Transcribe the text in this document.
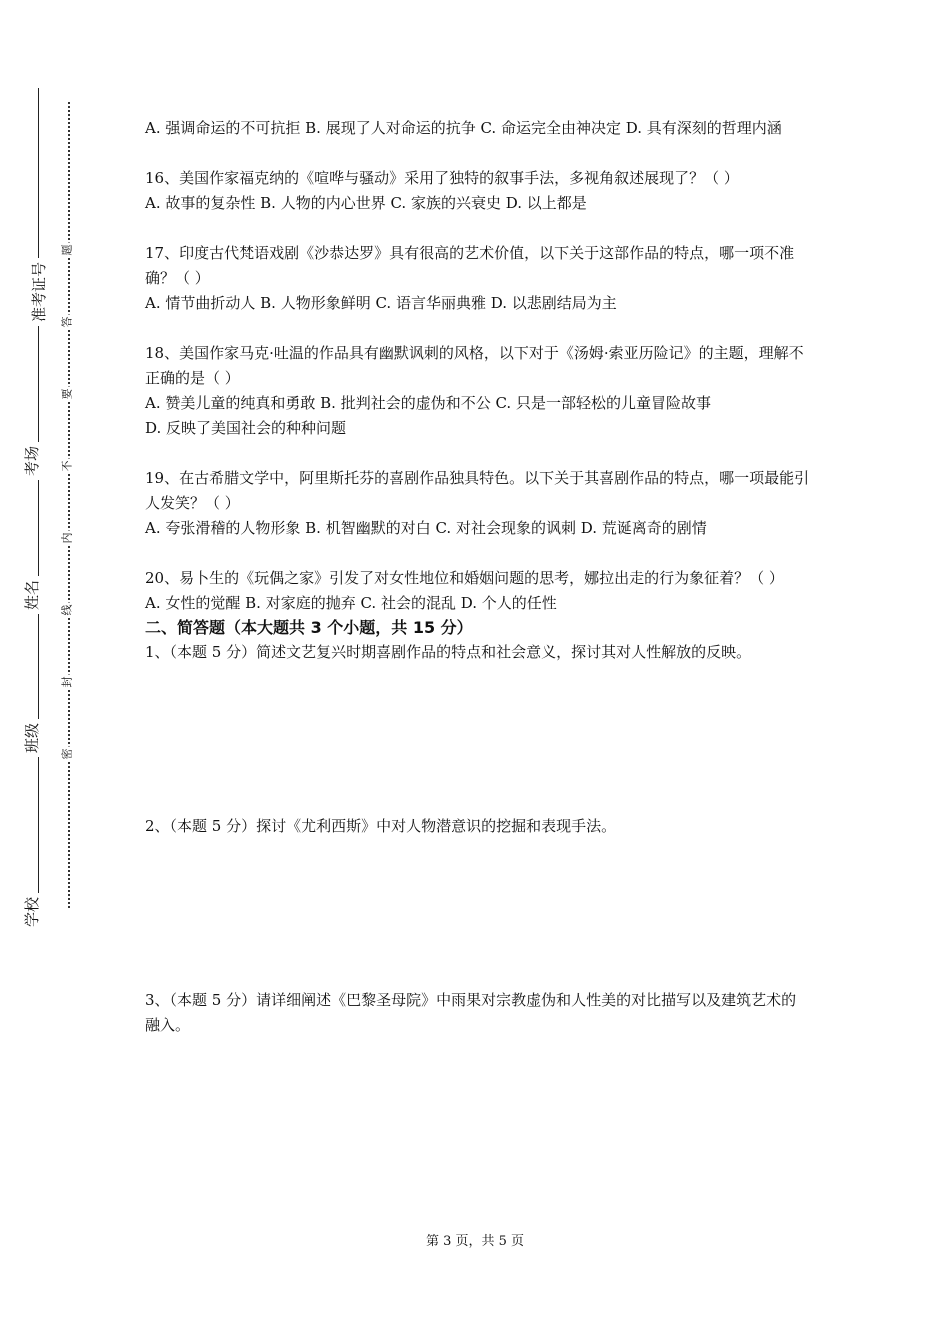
准考证号
考场
姓名
班级
学校
题
答
要
不
内
线
封
密

A. 强调命运的不可抗拒 B. 展现了人对命运的抗争 C. 命运完全由神决定 D. 具有深刻的哲理内涵

16、美国作家福克纳的《喧哗与骚动》采用了独特的叙事手法，多视角叙述展现了？（ ）

A. 故事的复杂性 B. 人物的内心世界 C. 家族的兴衰史 D. 以上都是

17、印度古代梵语戏剧《沙恭达罗》具有很高的艺术价值，以下关于这部作品的特点，哪一项不准确？（ ）

A. 情节曲折动人 B. 人物形象鲜明 C. 语言华丽典雅 D. 以悲剧结局为主

18、美国作家马克·吐温的作品具有幽默讽刺的风格，以下对于《汤姆·索亚历险记》的主题，理解不正确的是（ ）

A. 赞美儿童的纯真和勇敢 B. 批判社会的虚伪和不公 C. 只是一部轻松的儿童冒险故事

D. 反映了美国社会的种种问题

19、在古希腊文学中，阿里斯托芬的喜剧作品独具特色。以下关于其喜剧作品的特点，哪一项最能引人发笑？（ ）

A. 夸张滑稽的人物形象 B. 机智幽默的对白 C. 对社会现象的讽刺 D. 荒诞离奇的剧情

20、易卜生的《玩偶之家》引发了对女性地位和婚姻问题的思考，娜拉出走的行为象征着？（ ）

A. 女性的觉醒 B. 对家庭的抛弃 C. 社会的混乱 D. 个人的任性

二、简答题（本大题共 3 个小题，共 15 分）

1、（本题 5 分）简述文艺复兴时期喜剧作品的特点和社会意义，探讨其对人性解放的反映。

2、（本题 5 分）探讨《尤利西斯》中对人物潜意识的挖掘和表现手法。

3、（本题 5 分）请详细阐述《巴黎圣母院》中雨果对宗教虚伪和人性美的对比描写以及建筑艺术的融入。

第 3 页，共 5 页
